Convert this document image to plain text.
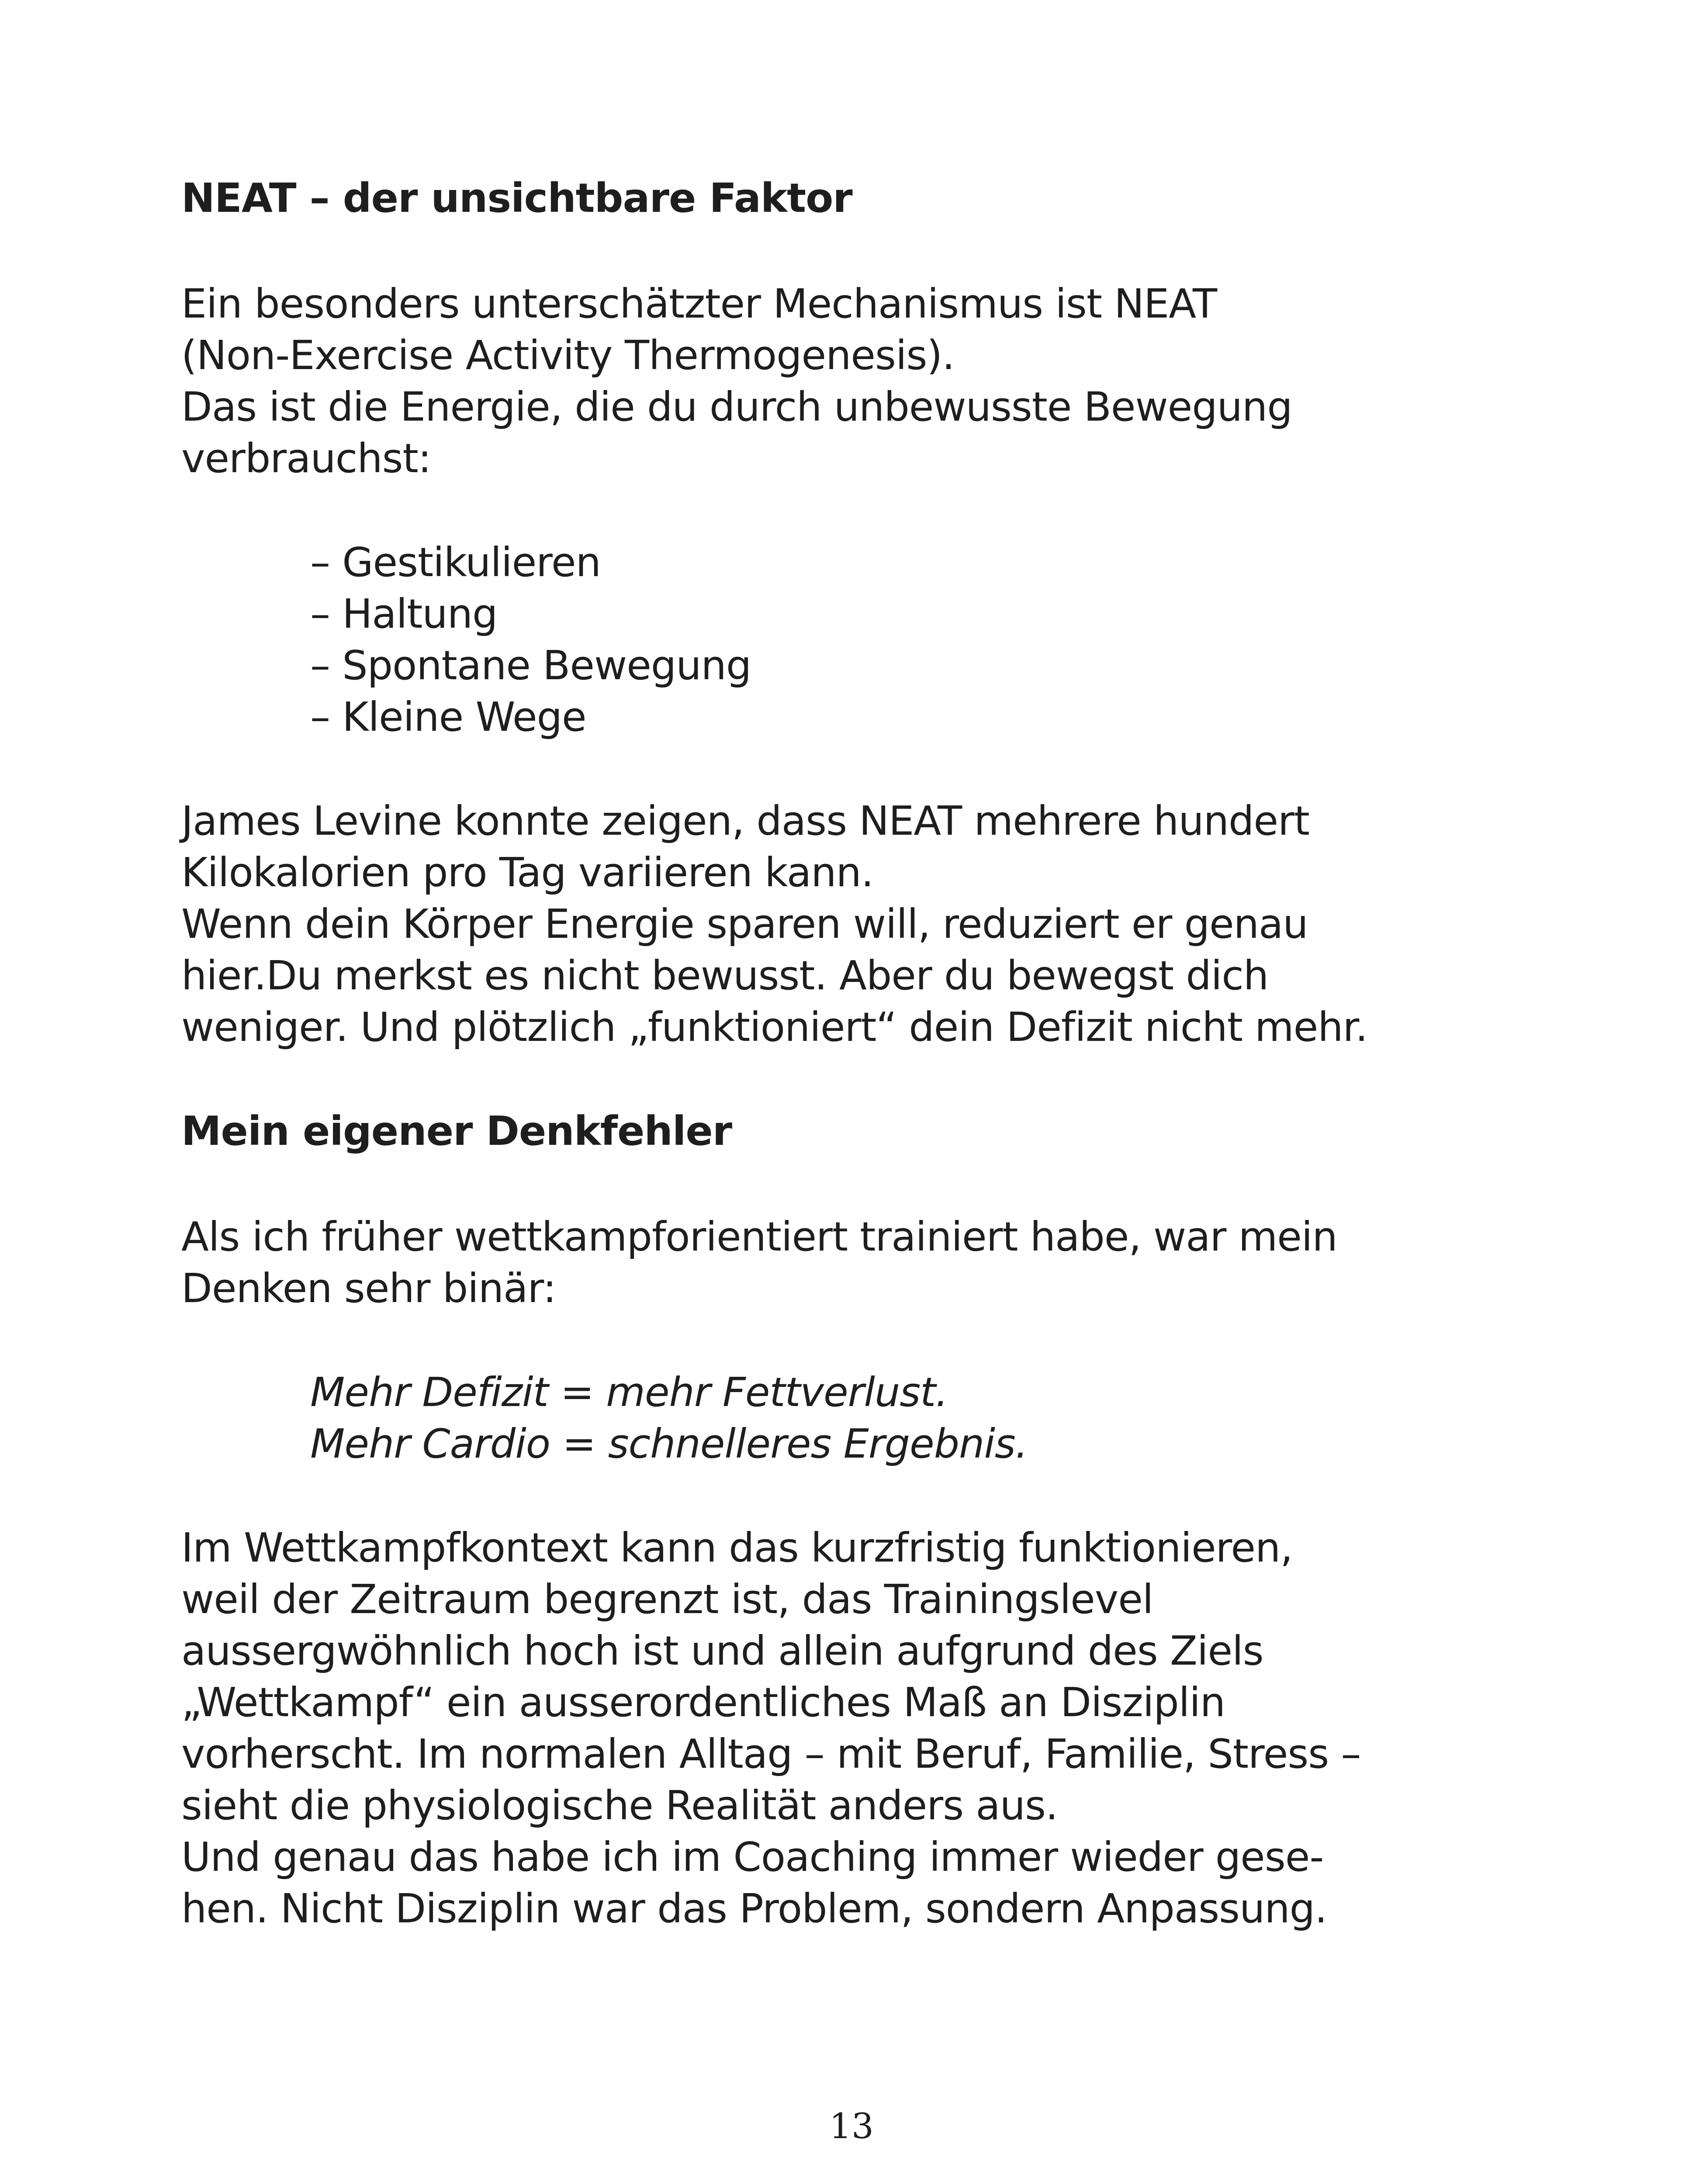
NEAT – der unsichtbare Faktor

Ein besonders unterschätzter Mechanismus ist NEAT
(Non-Exercise Activity Thermogenesis).
Das ist die Energie, die du durch unbewusste Bewegung
verbrauchst:

– Gestikulieren
– Haltung
– Spontane Bewegung
– Kleine Wege

James Levine konnte zeigen, dass NEAT mehrere hundert
Kilokalorien pro Tag variieren kann.
Wenn dein Körper Energie sparen will, reduziert er genau
hier.Du merkst es nicht bewusst. Aber du bewegst dich
weniger. Und plötzlich „funktioniert“ dein Defizit nicht mehr.

Mein eigener Denkfehler

Als ich früher wettkampforientiert trainiert habe, war mein
Denken sehr binär:

Mehr Defizit = mehr Fettverlust.
Mehr Cardio = schnelleres Ergebnis.

Im Wettkampfkontext kann das kurzfristig funktionieren,
weil der Zeitraum begrenzt ist, das Trainingslevel
aussergwöhnlich hoch ist und allein aufgrund des Ziels
„Wettkampf“ ein ausserordentliches Maß an Disziplin
vorherscht. Im normalen Alltag – mit Beruf, Familie, Stress –
sieht die physiologische Realität anders aus.
Und genau das habe ich im Coaching immer wieder gese-
hen. Nicht Disziplin war das Problem, sondern Anpassung.

13
